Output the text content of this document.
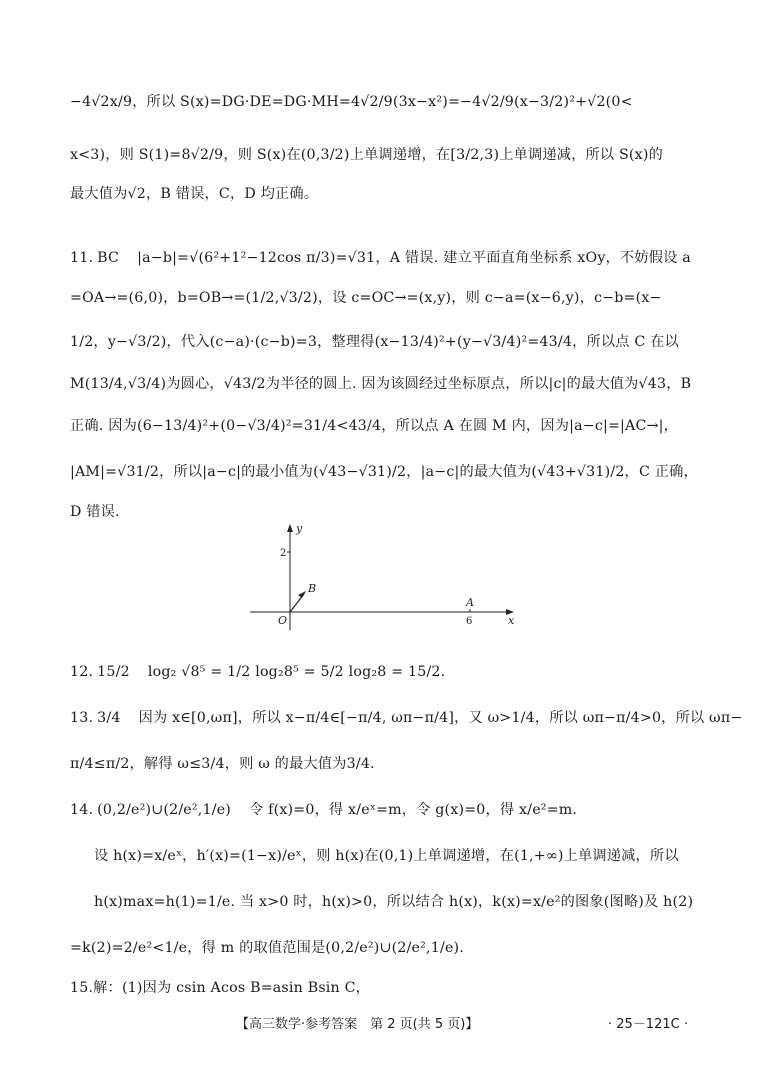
−4√2x/9，所以 S(x)=DG·DE=DG·MH=4√2/9(3x−x²)=−4√2/9(x−3/2)²+√2(0<
x<3)，则 S(1)=8√2/9，则 S(x)在(0,3/2)上单调递增，在[3/2,3)上单调递减，所以 S(x)的
最大值为√2，B 错误，C，D 均正确。
11. BC |a−b|=√(6²+1²−12cos π/3)=√31，A 错误. 建立平面直角坐标系 xOy，不妨假设 a
=OA→=(6,0)，b=OB→=(1/2,√3/2)，设 c=OC→=(x,y)，则 c−a=(x−6,y)，c−b=(x−
1/2，y−√3/2)，代入(c−a)·(c−b)=3，整理得(x−13/4)²+(y−√3/4)²=43/4，所以点 C 在以
M(13/4,√3/4)为圆心，√43/2为半径的圆上. 因为该圆经过坐标原点，所以|c|的最大值为√43，B
正确. 因为(6−13/4)²+(0−√3/4)²=31/4<43/4，所以点 A 在圆 M 内，因为|a−c|=|AC→|，
|AM|=√31/2，所以|a−c|的最小值为(√43−√31)/2，|a−c|的最大值为(√43+√31)/2，C 正确，
D 错误.
y
x
O
2
6
A
B
12. 15/2 log₂ √8⁵ = 1/2 log₂8⁵ = 5/2 log₂8 = 15/2.
13. 3/4 因为 x∈[0,ωπ]，所以 x−π/4∈[−π/4, ωπ−π/4]，又 ω>1/4，所以 ωπ−π/4>0，所以 ωπ−
π/4≤π/2，解得 ω≤3/4，则 ω 的最大值为3/4.
14. (0,2/e²)∪(2/e²,1/e) 令 f(x)=0，得 x/eˣ=m，令 g(x)=0，得 x/e²=m.
设 h(x)=x/eˣ，h′(x)=(1−x)/eˣ，则 h(x)在(0,1)上单调递增，在(1,+∞)上单调递减，所以
h(x)max=h(1)=1/e. 当 x>0 时，h(x)>0，所以结合 h(x)，k(x)=x/e²的图象(图略)及 h(2)
=k(2)=2/e²<1/e，得 m 的取值范围是(0,2/e²)∪(2/e²,1/e).
15.解：(1)因为 csin Acos B=asin Bsin C，
【高三数学·参考答案　第 2 页(共 5 页)】	· 25－121C ·
